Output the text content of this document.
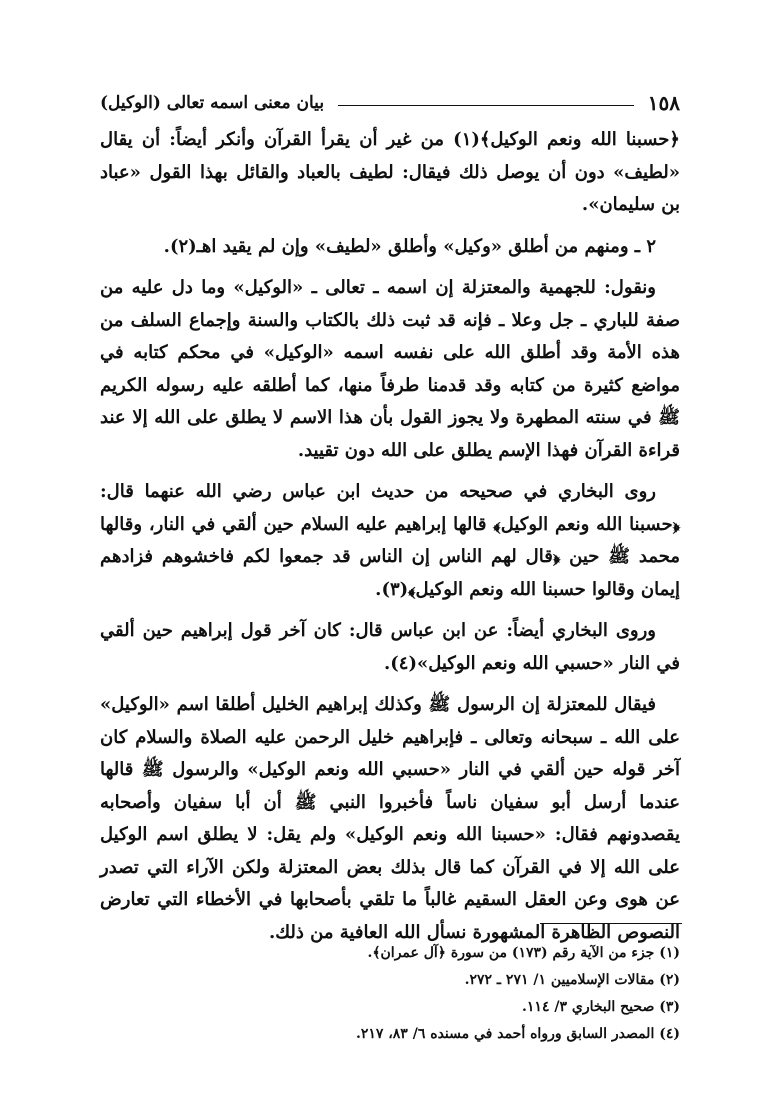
١٥٨
بيان معنى اسمه تعالى (الوكيل)

﴿حسبنا الله ونعم الوكيل﴾(١) من غير أن يقرأ القرآن وأنكر أيضاً: أن يقال «لطيف» دون أن يوصل ذلك فيقال: لطيف بالعباد والقائل بهذا القول «عباد بن سليمان».

٢ ـ ومنهم من أطلق «وكيل» وأطلق «لطيف» وإن لم يقيد اهـ(٢).

ونقول: للجهمية والمعتزلة إن اسمه ـ تعالى ـ «الوكيل» وما دل عليه من صفة للباري ـ جل وعلا ـ فإنه قد ثبت ذلك بالكتاب والسنة وإجماع السلف من هذه الأمة وقد أطلق الله على نفسه اسمه «الوكيل» في محكم كتابه في مواضع كثيرة من كتابه وقد قدمنا طرفاً منها، كما أطلقه عليه رسوله الكريم ﷺ في سنته المطهرة ولا يجوز القول بأن هذا الاسم لا يطلق على الله إلا عند قراءة القرآن فهذا الإسم يطلق على الله دون تقييد.

روى البخاري في صحيحه من حديث ابن عباس رضي الله عنهما قال: ﴿حسبنا الله ونعم الوكيل﴾ قالها إبراهيم عليه السلام حين ألقي في النار، وقالها محمد ﷺ حين ﴿قال لهم الناس إن الناس قد جمعوا لكم فاخشوهم فزادهم إيمان وقالوا حسبنا الله ونعم الوكيل﴾(٣).

وروى البخاري أيضاً: عن ابن عباس قال: كان آخر قول إبراهيم حين ألقي في النار «حسبي الله ونعم الوكيل»(٤).

فيقال للمعتزلة إن الرسول ﷺ وكذلك إبراهيم الخليل أطلقا اسم «الوكيل» على الله ـ سبحانه وتعالى ـ فإبراهيم خليل الرحمن عليه الصلاة والسلام كان آخر قوله حين ألقي في النار «حسبي الله ونعم الوكيل» والرسول ﷺ قالها عندما أرسل أبو سفيان ناساً فأخبروا النبي ﷺ أن أبا سفيان وأصحابه يقصدونهم فقال: «حسبنا الله ونعم الوكيل» ولم يقل: لا يطلق اسم الوكيل على الله إلا في القرآن كما قال بذلك بعض المعتزلة ولكن الآراء التي تصدر عن هوى وعن العقل السقيم غالباً ما تلقي بأصحابها في الأخطاء التي تعارض النصوص الظاهرة المشهورة نسأل الله العافية من ذلك.

(١) جزء من الآية رقم (١٧٣) من سورة ﴿آل عمران﴾.

(٢) مقالات الإسلاميين ١/ ٢٧١ ـ ٢٧٢.

(٣) صحيح البخاري ٣/ ١١٤.

(٤) المصدر السابق ورواه أحمد في مسنده ٦/ ٨٣، ٢١٧.
